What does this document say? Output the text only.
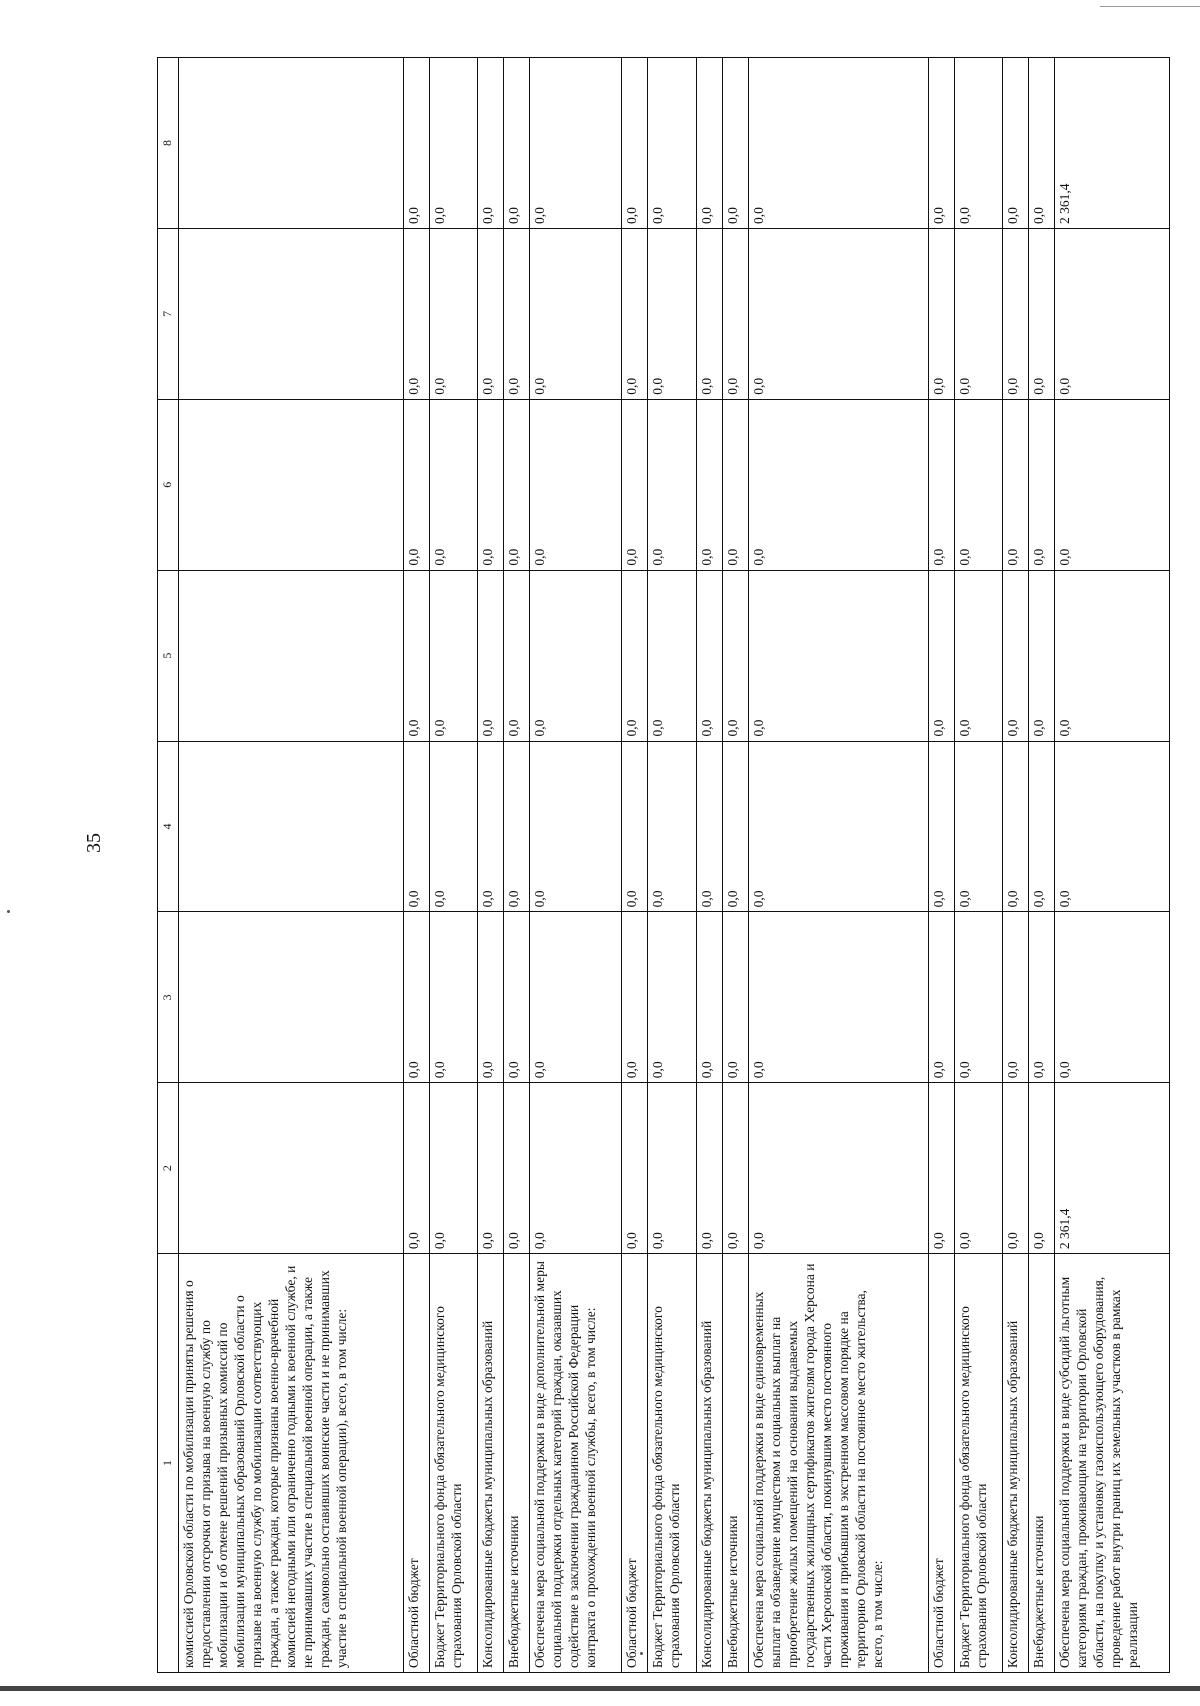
35
1	2	3	4	5	6	7	8
комиссией Орловской области по мобилизации приняты решения о предоставлении отсрочки от призыва на военную службу по мобилизации и об отмене решений призывных комиссий по мобилизации муниципальных образований Орловской области о призыве на военную службу по мобилизации соответствующих граждан, а также граждан, которые признаны военно-врачебной комиссией негодными или ограниченно годными к военной службе, и не принимавших участие в специальной военной операции, а также граждан, самовольно оставивших воинские части и не принимавших участие в специальной военной операции), всего, в том числе:							
Областной бюджет	0,0	0,0	0,0	0,0	0,0	0,0	0,0
Бюджет Территориального фонда обязательного медицинского страхования Орловской области	0,0	0,0	0,0	0,0	0,0	0,0	0,0
Консолидированные бюджеты муниципальных образований	0,0	0,0	0,0	0,0	0,0	0,0	0,0
Внебюджетные источники	0,0	0,0	0,0	0,0	0,0	0,0	0,0
Обеспечена мера социальной поддержки в виде дополнительной меры социальной поддержки отдельных категорий граждан, оказавших содействие в заключении гражданином Российской Федерации контракта о прохождении военной службы, всего, в том числе:	0,0	0,0	0,0	0,0	0,0	0,0	0,0
Областной бюджет	0,0	0,0	0,0	0,0	0,0	0,0	0,0
Бюджет Территориального фонда обязательного медицинского страхования Орловской области	0,0	0,0	0,0	0,0	0,0	0,0	0,0
Консолидированные бюджеты муниципальных образований	0,0	0,0	0,0	0,0	0,0	0,0	0,0
Внебюджетные источники	0,0	0,0	0,0	0,0	0,0	0,0	0,0
Обеспечена мера социальной поддержки в виде единовременных выплат на обзаведение имуществом и социальных выплат на приобретение жилых помещений на основании выдаваемых государственных жилищных сертификатов жителям города Херсона и части Херсонской области, покинувшим место постоянного проживания и прибывшим в экстренном массовом порядке на территорию Орловской области на постоянное место жительства, всего, в том числе:	0,0	0,0	0,0	0,0	0,0	0,0	0,0
Областной бюджет	0,0	0,0	0,0	0,0	0,0	0,0	0,0
Бюджет Территориального фонда обязательного медицинского страхования Орловской области	0,0	0,0	0,0	0,0	0,0	0,0	0,0
Консолидированные бюджеты муниципальных образований	0,0	0,0	0,0	0,0	0,0	0,0	0,0
Внебюджетные источники	0,0	0,0	0,0	0,0	0,0	0,0	0,0
Обеспечена мера социальной поддержки в виде субсидий льготным категориям граждан, проживающим на территории Орловской области, на покупку и установку газоиспользующего оборудования, проведение работ внутри границ их земельных участков в рамках реализации	2 361,4	0,0	0,0	0,0	0,0	0,0	2 361,4
